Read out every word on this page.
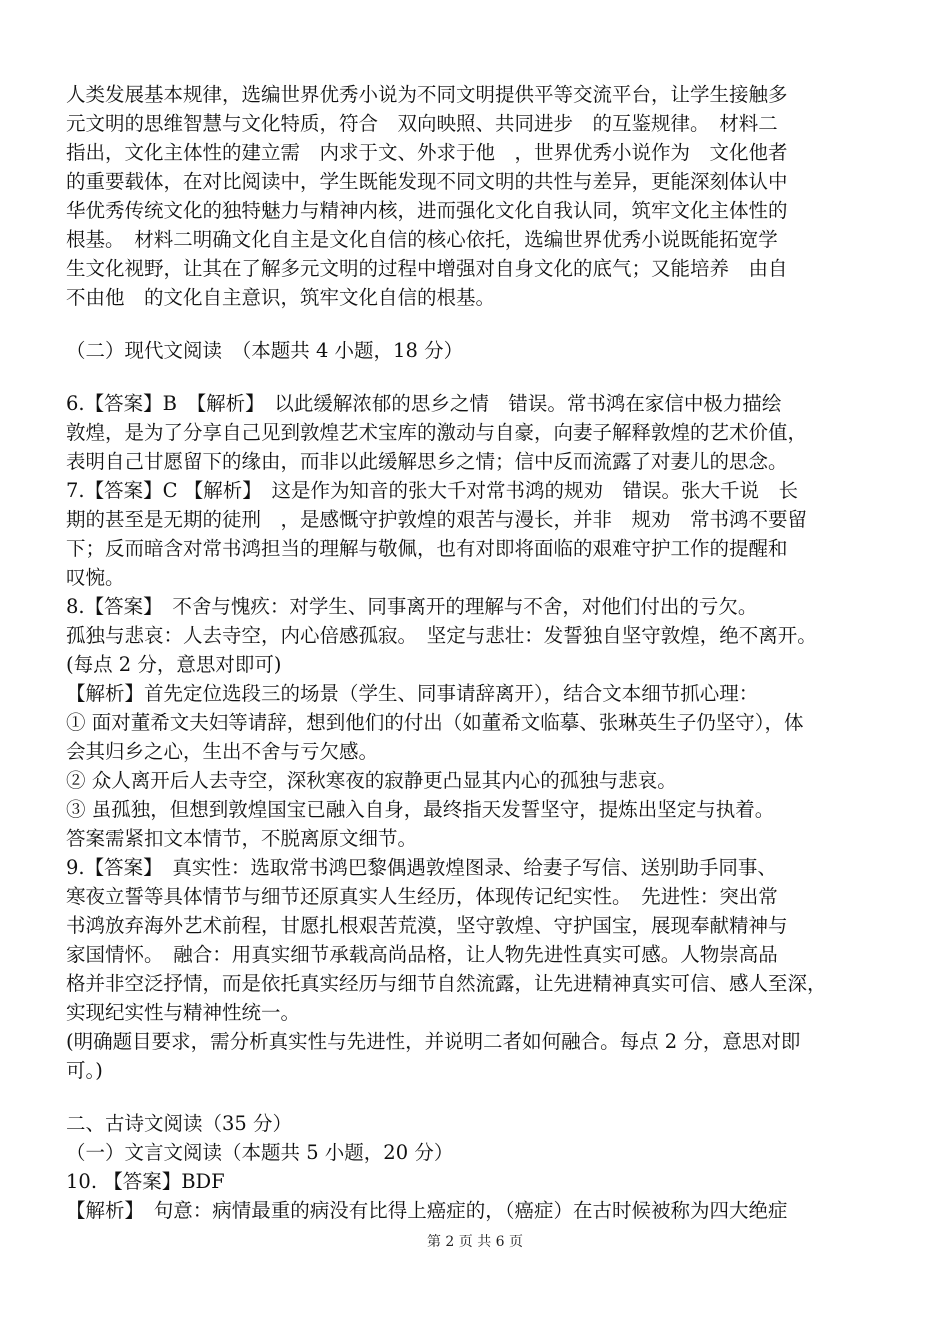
人类发展基本规律，选编世界优秀小说为不同文明提供平等交流平台，让学生接触多
元文明的思维智慧与文化特质，符合　双向映照、共同进步　的互鉴规律。　材料二
指出，文化主体性的建立需　内求于文、外求于他　，世界优秀小说作为　文化他者
的重要载体，在对比阅读中，学生既能发现不同文明的共性与差异，更能深刻体认中
华优秀传统文化的独特魅力与精神内核，进而强化文化自我认同，筑牢文化主体性的
根基。　材料二明确文化自主是文化自信的核心依托，选编世界优秀小说既能拓宽学
生文化视野，让其在了解多元文明的过程中增强对自身文化的底气；又能培养　由自
不由他　的文化自主意识，筑牢文化自信的根基。
（二）现代文阅读　（本题共 4 小题，18 分）
6.【答案】B　【解析】　以此缓解浓郁的思乡之情　错误。常书鸿在家信中极力描绘
敦煌，是为了分享自己见到敦煌艺术宝库的激动与自豪，向妻子解释敦煌的艺术价值，
表明自己甘愿留下的缘由，而非以此缓解思乡之情；信中反而流露了对妻儿的思念。
7.【答案】C 【解析】　这是作为知音的张大千对常书鸿的规劝　错误。张大千说　长
期的甚至是无期的徒刑　，是感慨守护敦煌的艰苦与漫长，并非　规劝　常书鸿不要留
下；反而暗含对常书鸿担当的理解与敬佩，也有对即将面临的艰难守护工作的提醒和
叹惋。
8.【答案】　不舍与愧疚：对学生、同事离开的理解与不舍，对他们付出的亏欠。
孤独与悲哀：人去寺空，内心倍感孤寂。　坚定与悲壮：发誓独自坚守敦煌，绝不离开。
(每点 2 分，意思对即可)
【解析】首先定位选段三的场景（学生、同事请辞离开），结合文本细节抓心理：
① 面对董希文夫妇等请辞，想到他们的付出（如董希文临摹、张琳英生子仍坚守），体
会其归乡之心，生出不舍与亏欠感。
② 众人离开后人去寺空，深秋寒夜的寂静更凸显其内心的孤独与悲哀。
③ 虽孤独，但想到敦煌国宝已融入自身，最终指天发誓坚守，提炼出坚定与执着。
答案需紧扣文本情节，不脱离原文细节。
9.【答案】　真实性：选取常书鸿巴黎偶遇敦煌图录、给妻子写信、送别助手同事、
寒夜立誓等具体情节与细节还原真实人生经历，体现传记纪实性。　先进性：突出常
书鸿放弃海外艺术前程，甘愿扎根艰苦荒漠，坚守敦煌、守护国宝，展现奉献精神与
家国情怀。　融合：用真实细节承载高尚品格，让人物先进性真实可感。人物崇高品
格并非空泛抒情，而是依托真实经历与细节自然流露，让先进精神真实可信、感人至深，
实现纪实性与精神性统一。
(明确题目要求，需分析真实性与先进性，并说明二者如何融合。每点 2 分，意思对即
可。)
二、古诗文阅读（35 分）
（一）文言文阅读（本题共 5 小题，20 分）
10. 【答案】BDF
【解析】　句意：病情最重的病没有比得上癌症的，（癌症）在古时候被称为四大绝症
第 2 页 共 6 页
